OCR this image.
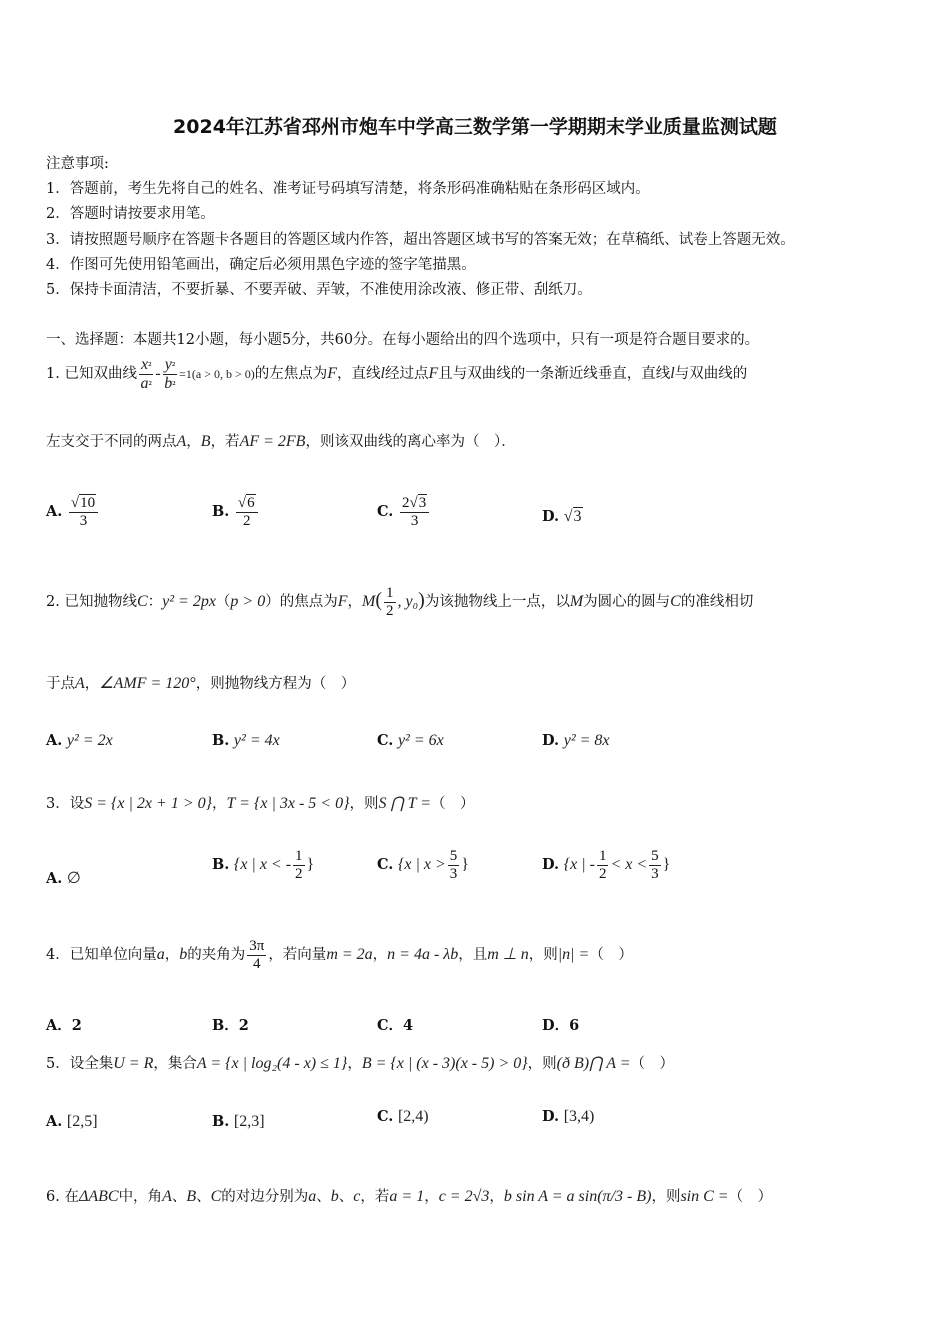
2024年江苏省邳州市炮车中学高三数学第一学期期末学业质量监测试题
注意事项:
1．答题前，考生先将自己的姓名、准考证号码填写清楚，将条形码准确粘贴在条形码区域内。
2．答题时请按要求用笔。
3．请按照题号顺序在答题卡各题目的答题区域内作答，超出答题区域书写的答案无效；在草稿纸、试卷上答题无效。
4．作图可先使用铅笔画出，确定后必须用黑色字迹的签字笔描黑。
5．保持卡面清洁，不要折暴、不要弄破、弄皱，不准使用涂改液、修正带、刮纸刀。
一、选择题：本题共12小题，每小题5分，共60分。在每小题给出的四个选项中，只有一项是符合题目要求的。
1. 已知双曲线 $\frac{\text{x²}}{\text{a²}} - \frac{\text{y²}}{\text{b²}} =1(a > 0$, b > 0)的左焦点为F，直线l经过点F且与双曲线的一条渐近线垂直，直线l与双曲线的
左支交于不同的两点A，B，若AF = 2FB，则该双曲线的离心率为（　）．
A. $\frac{√10}{3}$	B. $\frac{√6}{2}$	C. $\frac{2√3}{3}$	D. √3
2. 已知抛物线C：y² = 2px（p > 0）的焦点为F，$M( \frac{1}{2}$ , y₀)为该抛物线上一点，以M为圆心的圆与C的准线相切
于点A，∠AMF = 120°，则抛物线方程为（　）
A. y² = 2x	B. y² = 4x	C. y² = 6x	D. y² = 8x
3．设S = {x | 2x + 1 > 0}，T = {x | 3x - 5 < 0}，则S ⋂ T =（　）
A. ∅
B. {x | x < - $\frac{1}{2}$ }	C. {x | $x > \frac{5}{3}$ }	D. {x | - $\frac{1}{2} < x < \frac{5}{3}$ }
4．已知单位向量a，b的夹角为 $\frac{3\pi}{4}$ ，若向量m = 2a，n = 4a - λb，且m ⊥ n，则|n| =（　）
A．2	B．2	C．4	D．6
5．设全集U = R，集合A = {x | log₂(4 - x) ≤ 1}，B = {x | (x - 3)(x - 5) > 0}，则(ð B)⋂ A =（　）
A. [2,5]	B. [2,3]	C. [2,4)	D. [3,4)
6. 在ΔABC中，角A、B、C的对边分别为a、b、c，若a = 1，c = 2√3，b sin A = a sin(π/3 - B)，则sin C =（　）
